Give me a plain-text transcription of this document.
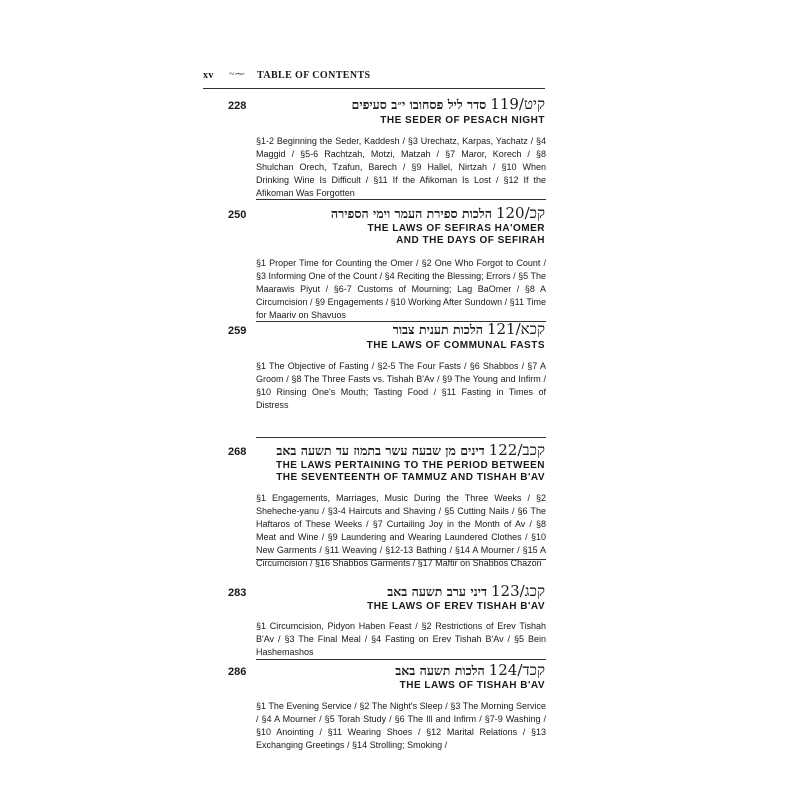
xv ~⁓ TABLE OF CONTENTS
228	סדר ליל פסחובו י״ב סעיפים קיט/119
THE SEDER OF PESACH NIGHT
§1-2 Beginning the Seder, Kaddesh / §3 Urechatz, Karpas, Yachatz / §4 Maggid / §5-6 Rachtzah, Motzi, Matzah / §7 Maror, Korech / §8 Shulchan Orech, Tzafun, Barech / §9 Hallel, Nirtzah / §10 When Drinking Wine Is Difficult / §11 If the Afikoman Is Lost / §12 If the Afikoman Was Forgotten
250	הלכות ספירת העמר וימי הספירה קכ/120
THE LAWS OF SEFIRAS HA'OMER
AND THE DAYS OF SEFIRAH
§1 Proper Time for Counting the Omer / §2 One Who Forgot to Count / §3 Informing One of the Count / §4 Reciting the Blessing; Errors / §5 The Maarawis Piyut / §6-7 Customs of Mourning; Lag BaOmer / §8 A Circumcision / §9 Engagements / §10 Working After Sundown / §11 Time for Maariv on Shavuos
259	הלכות תענית צבור קכא/121
THE LAWS OF COMMUNAL FASTS
§1 The Objective of Fasting / §2-5 The Four Fasts / §6 Shabbos / §7 A Groom / §8 The Three Fasts vs. Tishah B'Av / §9 The Young and Infirm / §10 Rinsing One's Mouth; Tasting Food / §11 Fasting in Times of Distress
268 דינים מן שבעה עשר בתמוז עד תשעה באב קכב/122
THE LAWS PERTAINING TO THE PERIOD BETWEEN
THE SEVENTEENTH OF TAMMUZ AND TISHAH B'AV
§1 Engagements, Marriages, Music During the Three Weeks / §2 Sheheche-yanu / §3-4 Haircuts and Shaving / §5 Cutting Nails / §6 The Haftaros of These Weeks / §7 Curtailing Joy in the Month of Av / §8 Meat and Wine / §9 Laundering and Wearing Laundered Clothes / §10 New Garments / §11 Weaving / §12-13 Bathing / §14 A Mourner / §15 A Circumcision / §16 Shabbos Garments / §17 Maftir on Shabbos Chazon
283	דיני ערב תשעה באב קכג/123
THE LAWS OF EREV TISHAH B'AV
§1 Circumcision, Pidyon Haben Feast / §2 Restrictions of Erev Tishah B'Av / §3 The Final Meal / §4 Fasting on Erev Tishah B'Av / §5 Bein Hashemashos
286	הלכות תשעה באב קכד/124
THE LAWS OF TISHAH B'AV
§1 The Evening Service / §2 The Night's Sleep / §3 The Morning Service / §4 A Mourner / §5 Torah Study / §6 The Ill and Infirm / §7-9 Washing / §10 Anointing / §11 Wearing Shoes / §12 Marital Relations / §13 Exchanging Greetings / §14 Strolling; Smoking /
